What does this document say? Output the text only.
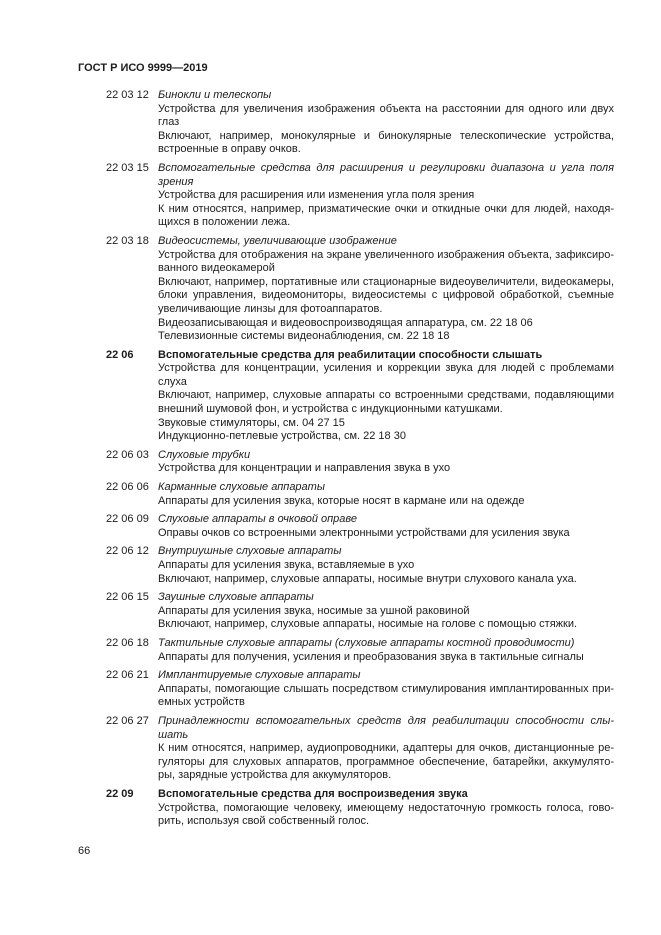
ГОСТ Р ИСО 9999—2019
22 03 12 Бинокли и телескопы
Устройства для увеличения изображения объекта на расстоянии для одного или двух
глаз
Включают, например, монокулярные и бинокулярные телескопические устройства,
встроенные в оправу очков.
22 03 15 Вспомогательные средства для расширения и регулировки диапазона и угла поля
зрения
Устройства для расширения или изменения угла поля зрения
К ним относятся, например, призматические очки и откидные очки для людей, находя-
щихся в положении лежа.
22 03 18 Видеосистемы, увеличивающие изображение
Устройства для отображения на экране увеличенного изображения объекта, зафиксиро-
ванного видеокамерой
Включают, например, портативные или стационарные видеоувеличители, видеокамеры,
блоки управления, видеомониторы, видеосистемы с цифровой обработкой, съемные
увеличивающие линзы для фотоаппаратов.
Видеозаписывающая и видеовоспроизводящая аппаратура, см. 22 18 06
Телевизионные системы видеонаблюдения, см. 22 18 18
22 06	Вспомогательные средства для реабилитации способности слышать
Устройства для концентрации, усиления и коррекции звука для людей с проблемами
слуха
Включают, например, слуховые аппараты со встроенными средствами, подавляющими
внешний шумовой фон, и устройства с индукционными катушками.
Звуковые стимуляторы, см. 04 27 15
Индукционно-петлевые устройства, см. 22 18 30
22 06 03 Слуховые трубки
Устройства для концентрации и направления звука в ухо
22 06 06 Карманные слуховые аппараты
Аппараты для усиления звука, которые носят в кармане или на одежде
22 06 09 Слуховые аппараты в очковой оправе
Оправы очков со встроенными электронными устройствами для усиления звука
22 06 12 Внутриушные слуховые аппараты
Аппараты для усиления звука, вставляемые в ухо
Включают, например, слуховые аппараты, носимые внутри слухового канала уха.
22 06 15 Заушные слуховые аппараты
Аппараты для усиления звука, носимые за ушной раковиной
Включают, например, слуховые аппараты, носимые на голове с помощью стяжки.
22 06 18 Тактильные слуховые аппараты (слуховые аппараты костной проводимости)
Аппараты для получения, усиления и преобразования звука в тактильные сигналы
22 06 21 Имплантируемые слуховые аппараты
Аппараты, помогающие слышать посредством стимулирования имплантированных при-
емных устройств
22 06 27 Принадлежности вспомогательных средств для реабилитации способности слы-
шать
К ним относятся, например, аудиопроводники, адаптеры для очков, дистанционные ре-
гуляторы для слуховых аппаратов, программное обеспечение, батарейки, аккумулято-
ры, зарядные устройства для аккумуляторов.
22 09	Вспомогательные средства для воспроизведения звука
Устройства, помогающие человеку, имеющему недостаточную громкость голоса, гово-
рить, используя свой собственный голос.
66
